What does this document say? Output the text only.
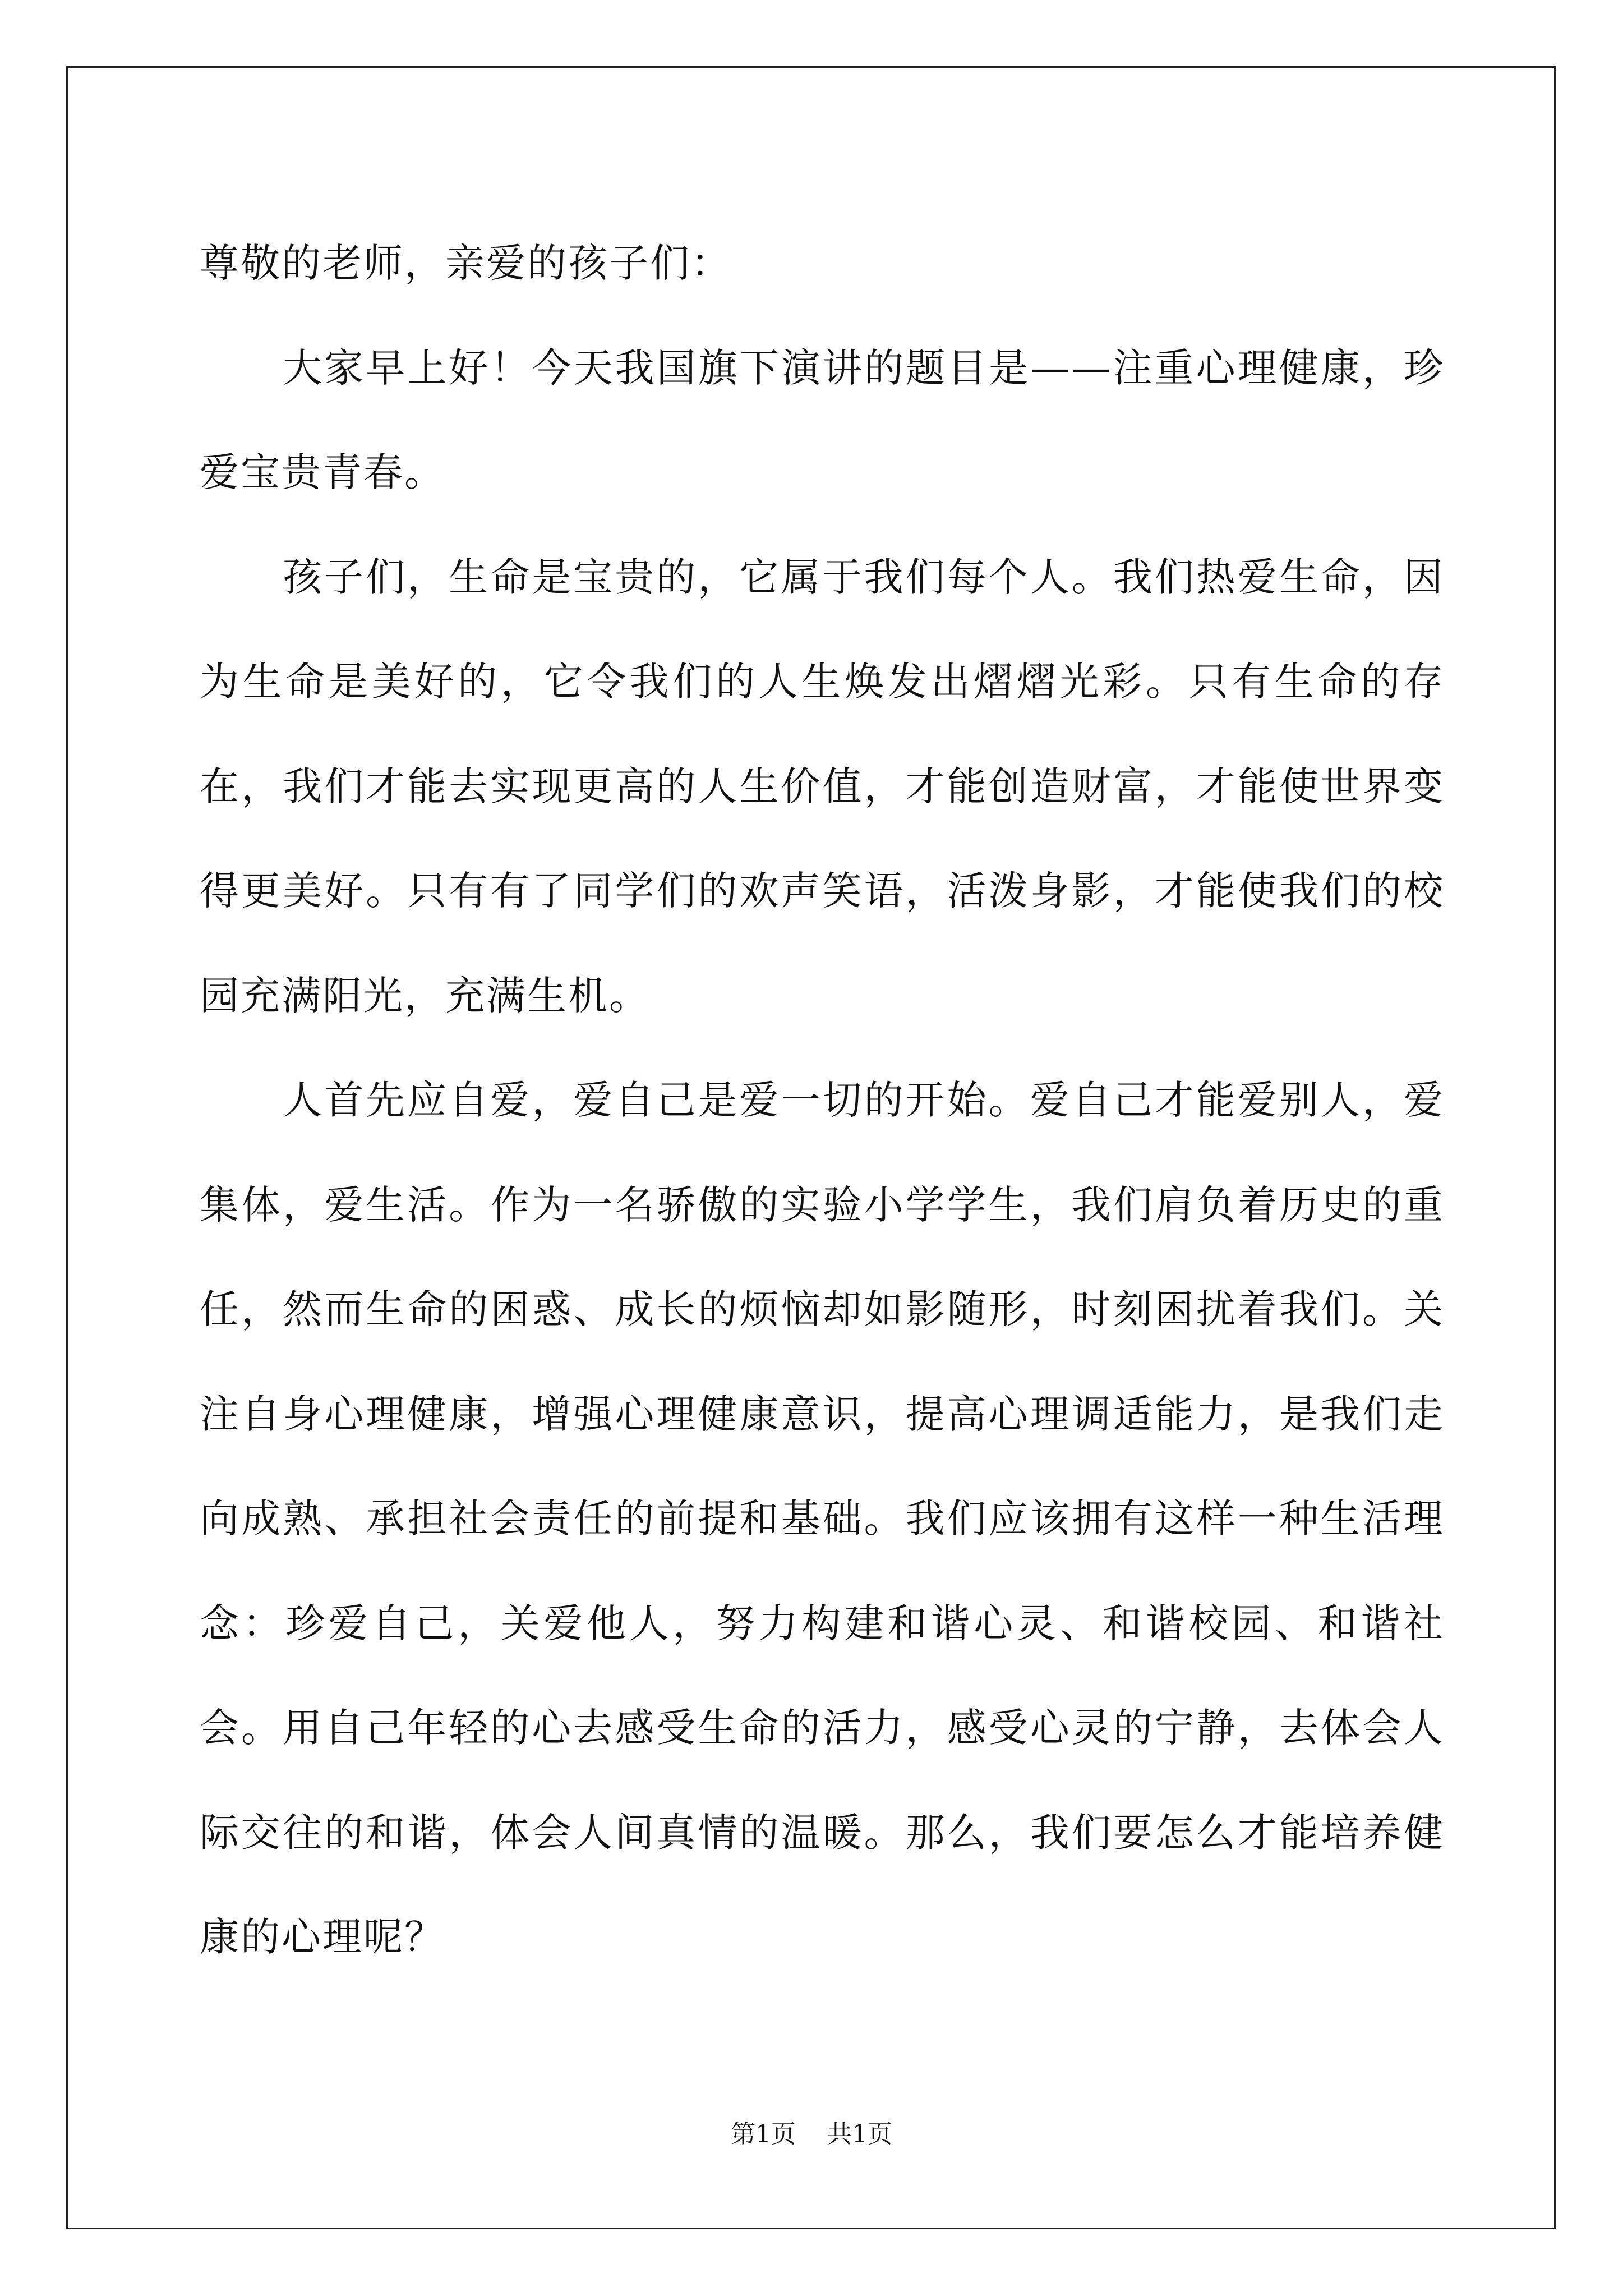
尊敬的老师，亲爱的孩子们：

大家早上好！今天我国旗下演讲的题目是——注重心理健康，珍爱宝贵青春。

孩子们，生命是宝贵的，它属于我们每个人。我们热爱生命，因为生命是美好的，它令我们的人生焕发出熠熠光彩。只有生命的存在，我们才能去实现更高的人生价值，才能创造财富，才能使世界变得更美好。只有有了同学们的欢声笑语，活泼身影，才能使我们的校园充满阳光，充满生机。

人首先应自爱，爱自己是爱一切的开始。爱自己才能爱别人，爱集体，爱生活。作为一名骄傲的实验小学学生，我们肩负着历史的重任，然而生命的困惑、成长的烦恼却如影随形，时刻困扰着我们。关注自身心理健康，增强心理健康意识，提高心理调适能力，是我们走向成熟、承担社会责任的前提和基础。我们应该拥有这样一种生活理念：珍爱自己，关爱他人，努力构建和谐心灵、和谐校园、和谐社会。用自己年轻的心去感受生命的活力，感受心灵的宁静，去体会人际交往的和谐，体会人间真情的温暖。那么，我们要怎么才能培养健康的心理呢？

第1页 共1页
